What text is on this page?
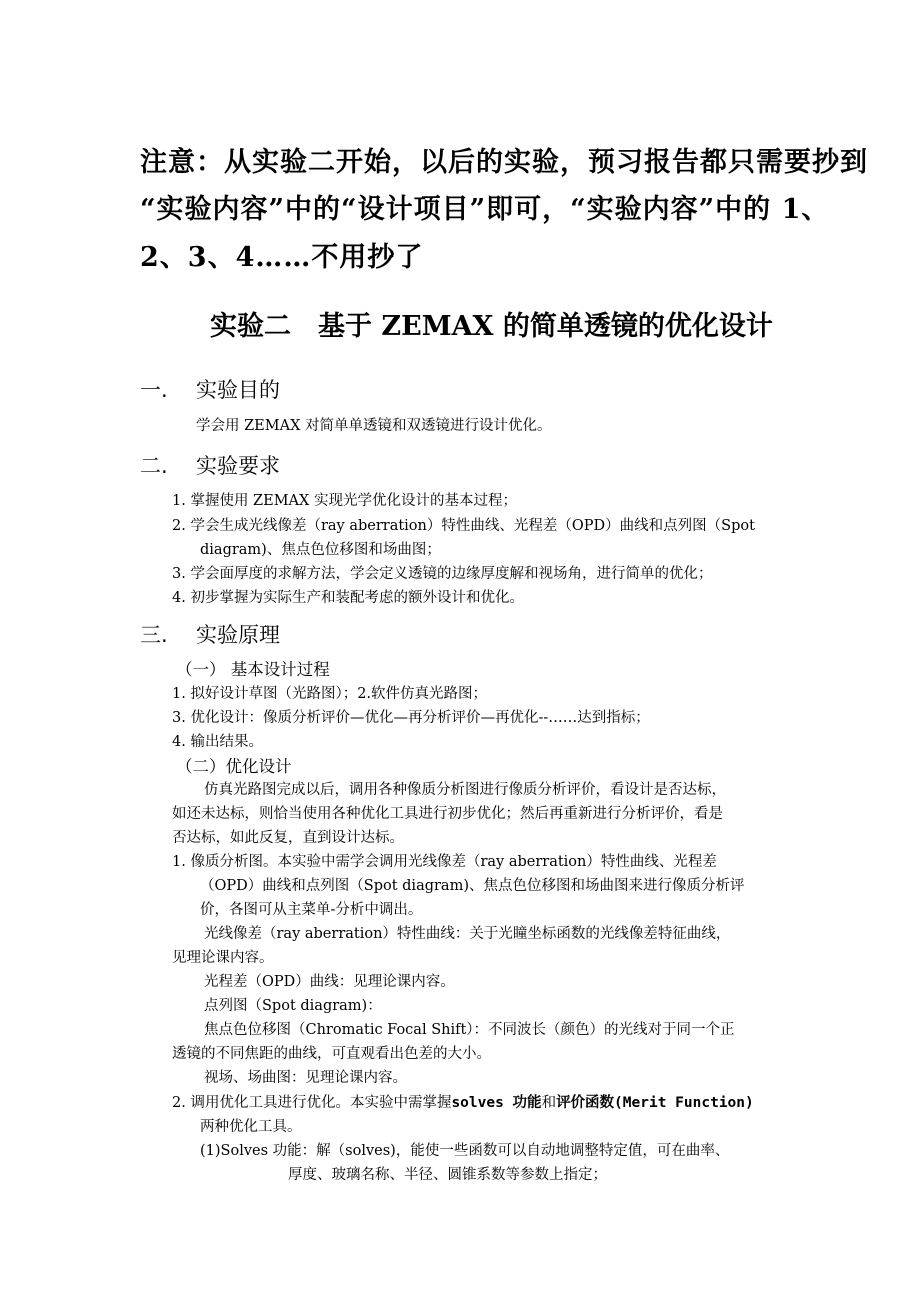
注意：从实验二开始，以后的实验，预习报告都只需要抄到
“实验内容”中的“设计项目”即可，“实验内容”中的 1、
2、3、4……不用抄了
实验二　基于 ZEMAX 的简单透镜的优化设计
一. 实验目的
学会用 ZEMAX 对简单单透镜和双透镜进行设计优化。
二. 实验要求
1. 掌握使用 ZEMAX 实现光学优化设计的基本过程；
2. 学会生成光线像差（ray aberration）特性曲线、光程差（OPD）曲线和点列图（Spot
diagram)、焦点色位移图和场曲图；
3. 学会面厚度的求解方法，学会定义透镜的边缘厚度解和视场角，进行简单的优化；
4. 初步掌握为实际生产和装配考虑的额外设计和优化。
三. 实验原理
（一） 基本设计过程
1. 拟好设计草图（光路图）；2.软件仿真光路图；
3. 优化设计：像质分析评价—优化—再分析评价—再优化--……达到指标；
4. 输出结果。
（二）优化设计
仿真光路图完成以后，调用各种像质分析图进行像质分析评价，看设计是否达标，
如还未达标，则恰当使用各种优化工具进行初步优化；然后再重新进行分析评价，看是
否达标，如此反复，直到设计达标。
1. 像质分析图。本实验中需学会调用光线像差（ray aberration）特性曲线、光程差
（OPD）曲线和点列图（Spot diagram)、焦点色位移图和场曲图来进行像质分析评
价，各图可从主菜单-分析中调出。
光线像差（ray aberration）特性曲线：关于光瞳坐标函数的光线像差特征曲线，
见理论课内容。
光程差（OPD）曲线：见理论课内容。
点列图（Spot diagram)：
焦点色位移图（Chromatic Focal Shift）：不同波长（颜色）的光线对于同一个正
透镜的不同焦距的曲线，可直观看出色差的大小。
视场、场曲图：见理论课内容。
2. 调用优化工具进行优化。本实验中需掌握solves 功能和评价函数(Merit Function)
两种优化工具。
(1)Solves 功能：解（solves)，能使一些函数可以自动地调整特定值，可在曲率、
厚度、玻璃名称、半径、圆锥系数等参数上指定；
